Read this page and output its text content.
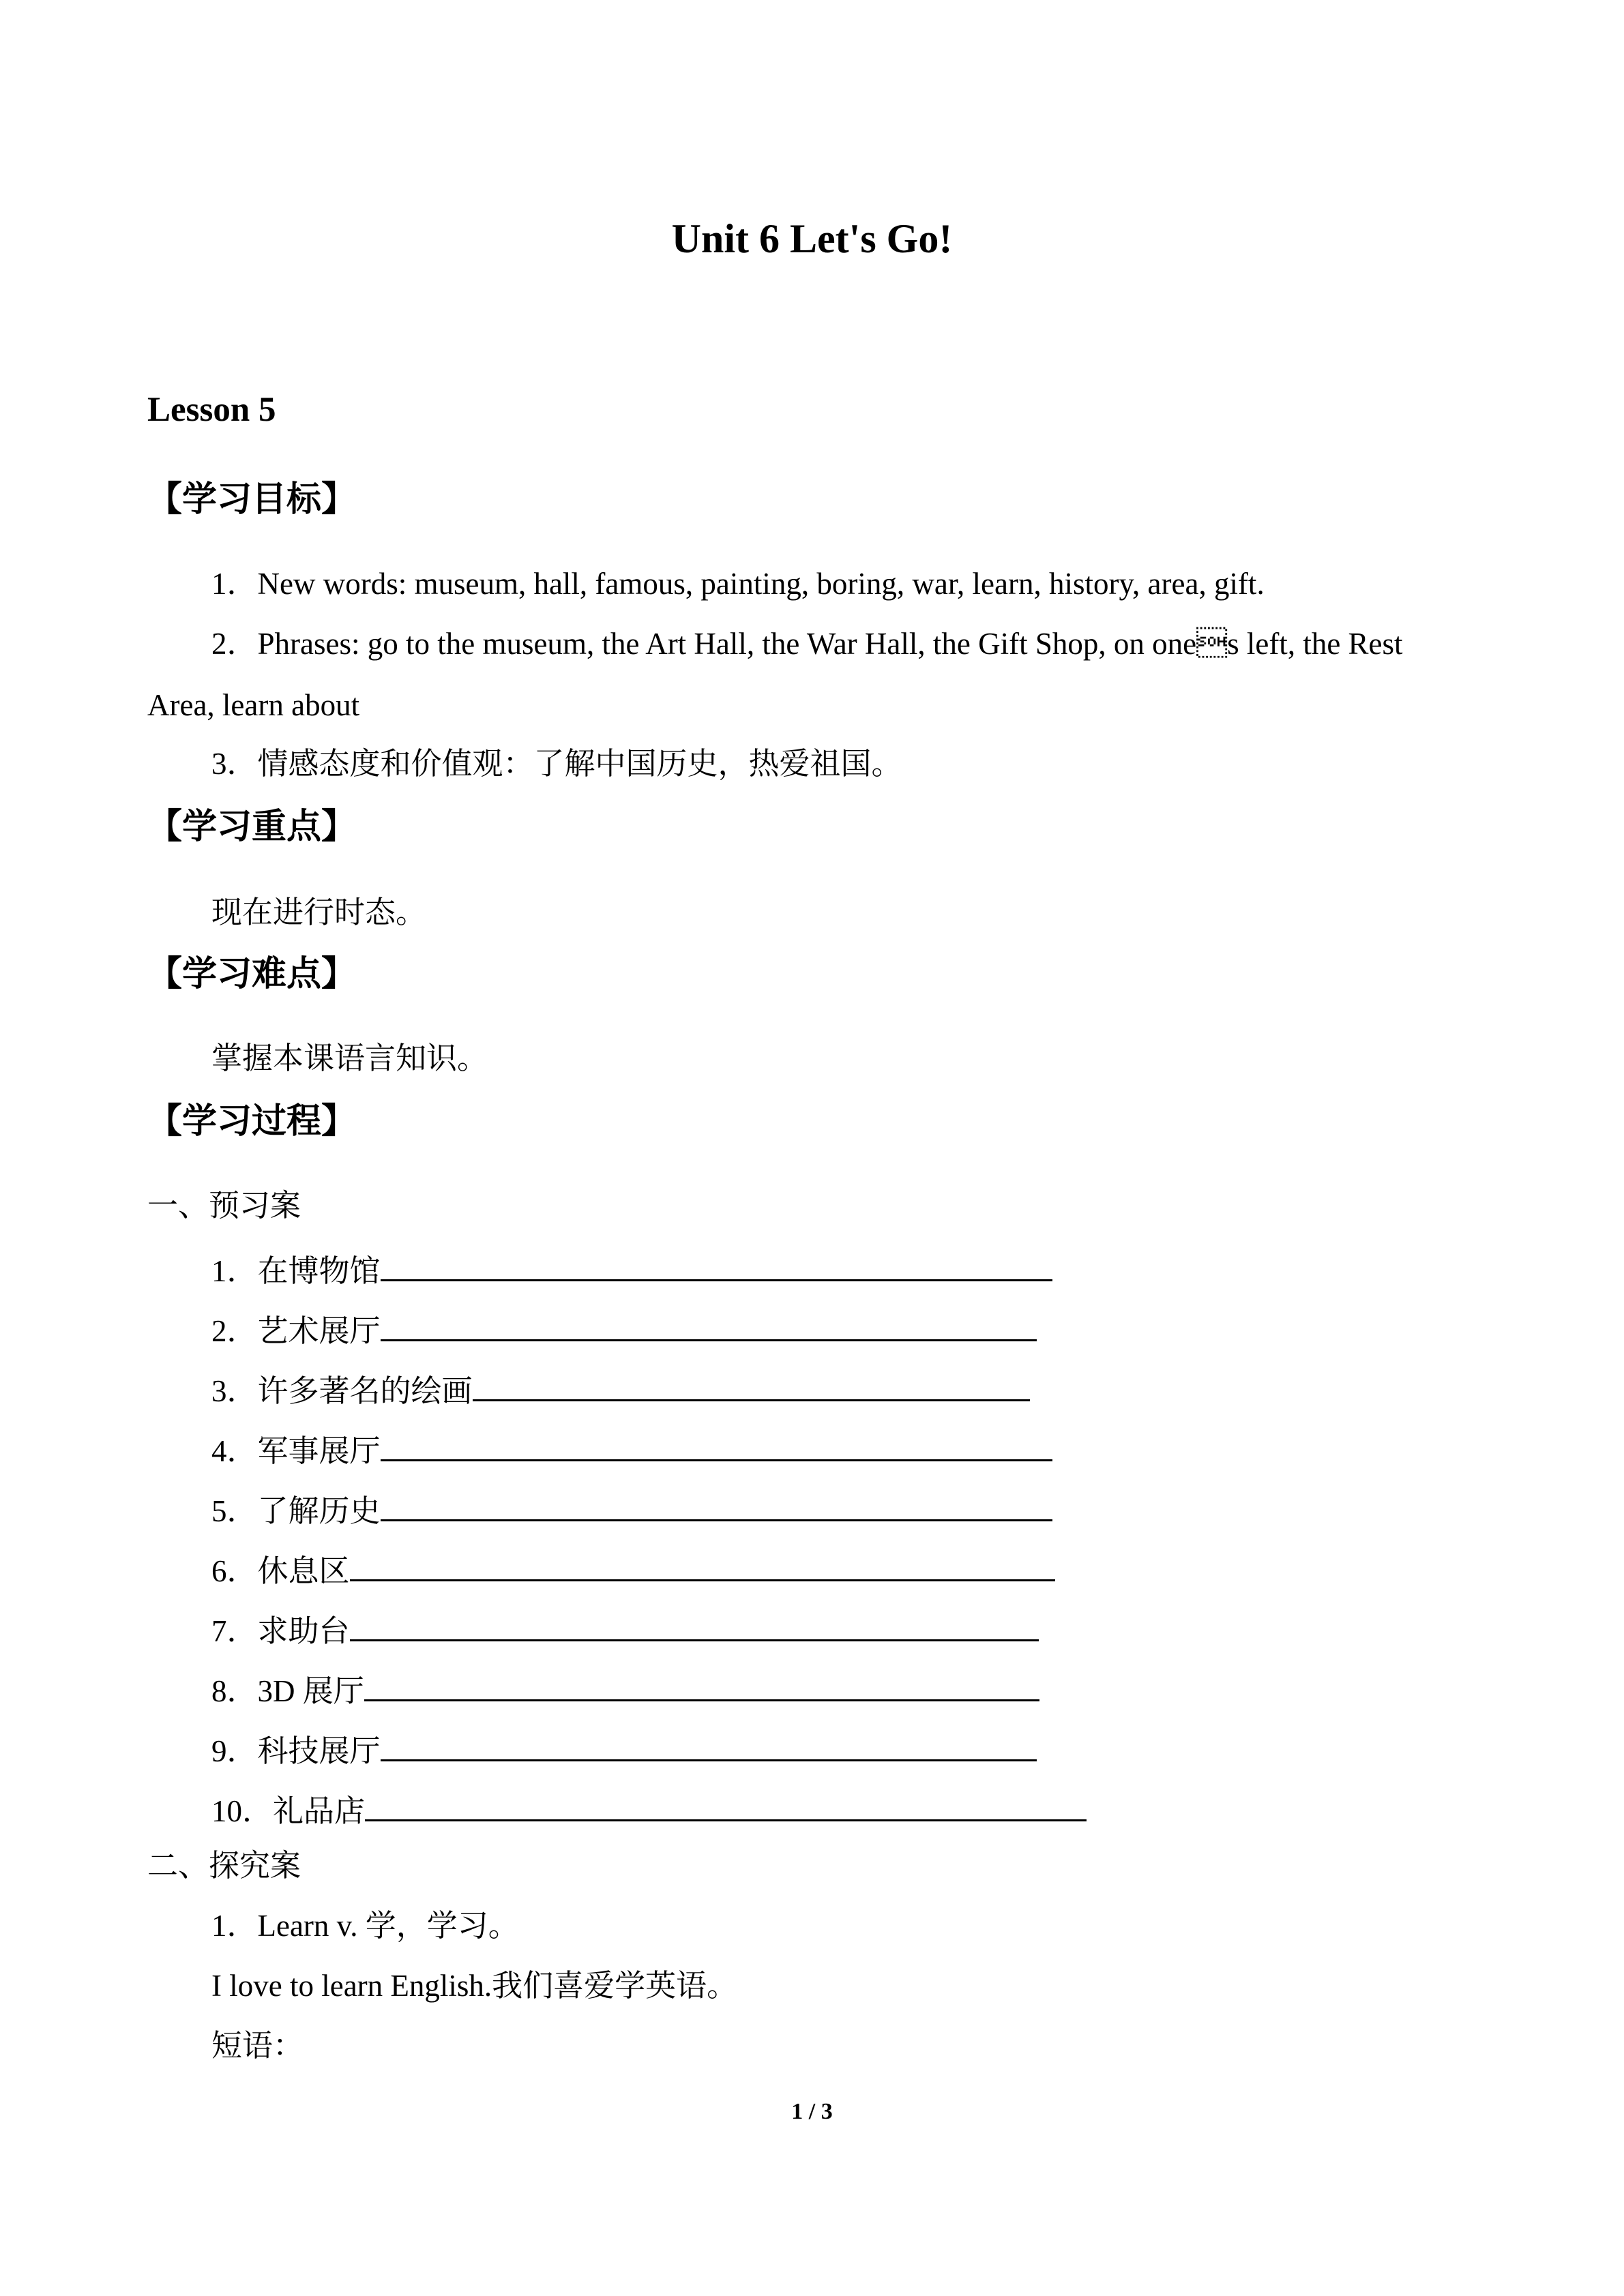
Unit 6 Let's Go!
Lesson 5
【学习目标】
1．New words: museum, hall, famous, painting, boring, war, learn, history, area, gift.
2．Phrases: go to the museum, the Art Hall, the War Hall, the Gift Shop, on ones left, the Rest
Area, learn about
3．情感态度和价值观：了解中国历史，热爱祖国。
【学习重点】
现在进行时态。
【学习难点】
掌握本课语言知识。
【学习过程】
一、预习案
1．在博物馆
2．艺术展厅
3．许多著名的绘画
4．军事展厅
5．了解历史
6．休息区
7．求助台
8．3D 展厅
9．科技展厅
10．礼品店
二、探究案
1．Learn v. 学，学习。
I love to learn English.我们喜爱学英语。
短语：
1 / 3
